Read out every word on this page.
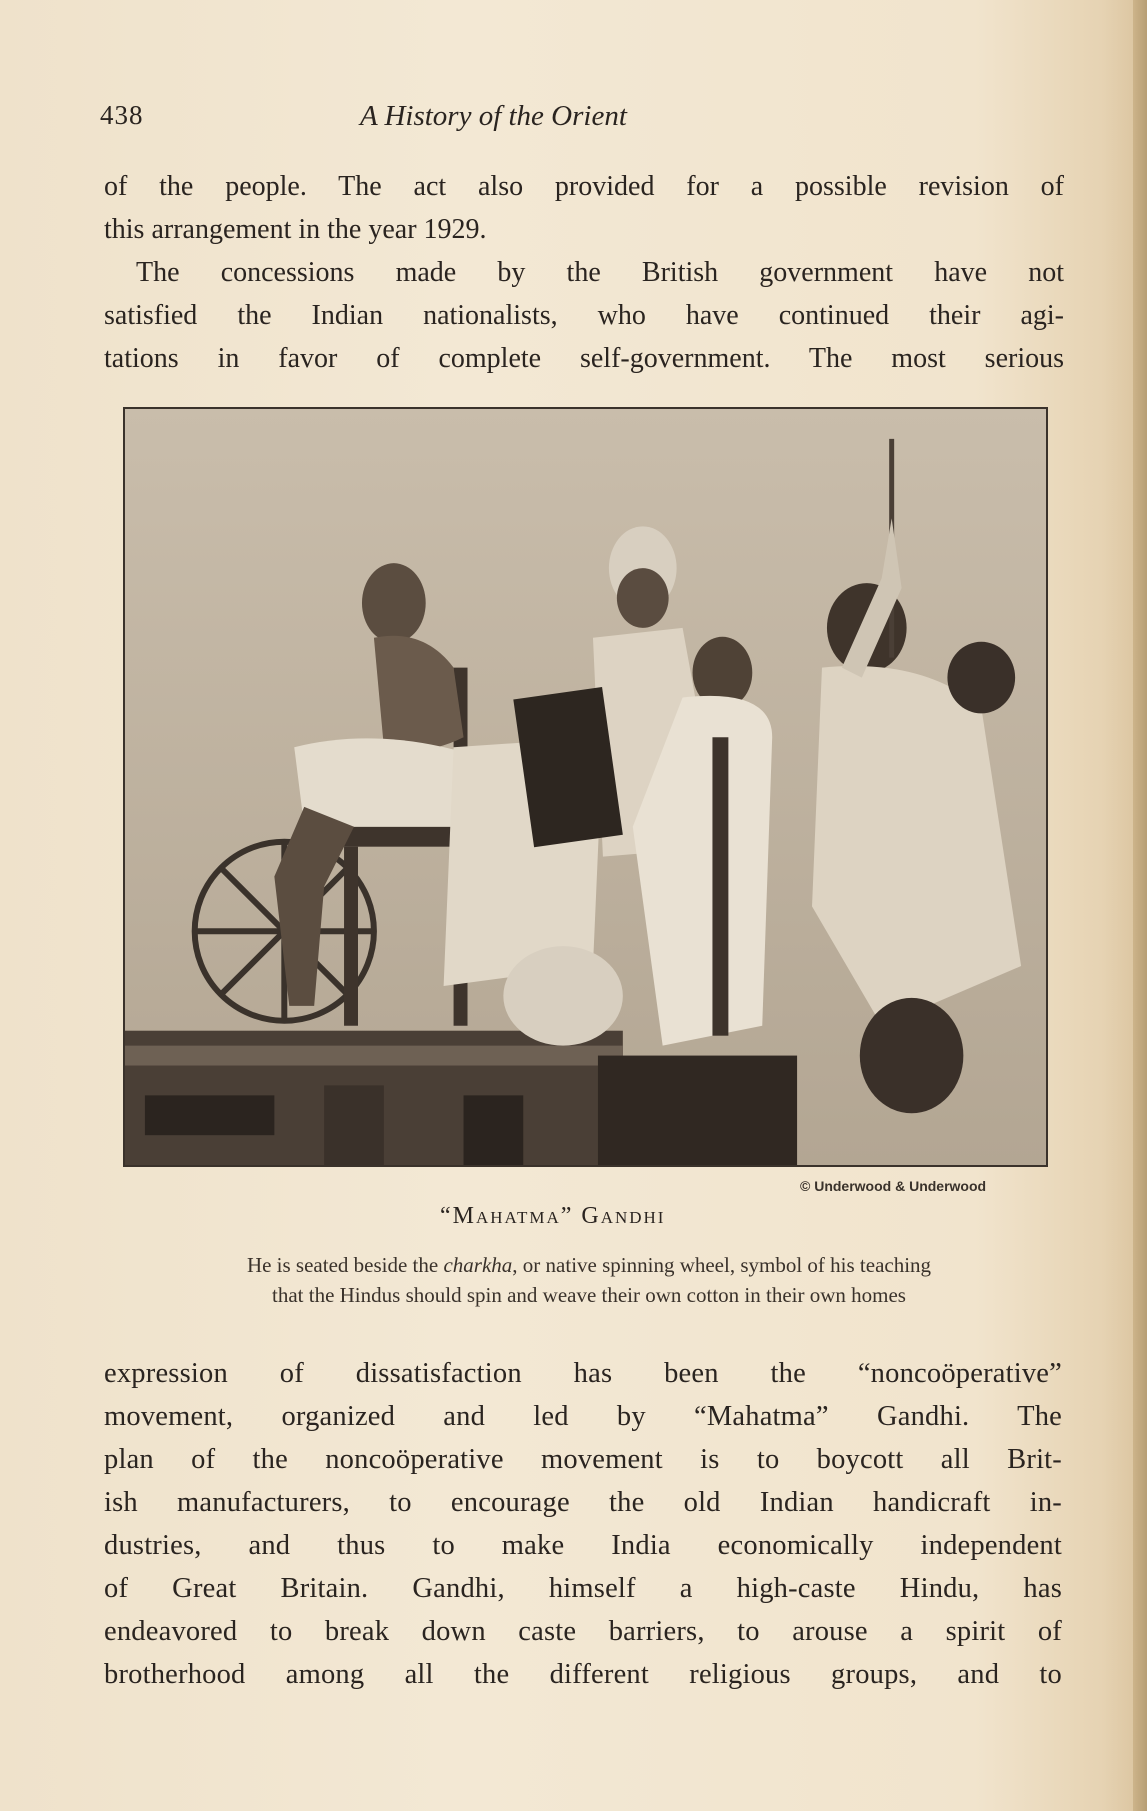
438	A History of the Orient

of the people. The act also provided for a possible revision of

this arrangement in the year 1929.

The concessions made by the British government have not

satisfied the Indian nationalists, who have continued their agi-

tations in favor of complete self-government. The most serious

© Underwood & Underwood
“Mahatma” Gandhi
He is seated beside the charkha, or native spinning wheel, symbol of his teaching
that the Hindus should spin and weave their own cotton in their own homes

expression of dissatisfaction has been the “noncoöperative”

movement, organized and led by “Mahatma” Gandhi. The

plan of the noncoöperative movement is to boycott all Brit-

ish manufacturers, to encourage the old Indian handicraft in-

dustries, and thus to make India economically independent

of Great Britain. Gandhi, himself a high-caste Hindu, has

endeavored to break down caste barriers, to arouse a spirit of

brotherhood among all the different religious groups, and to
